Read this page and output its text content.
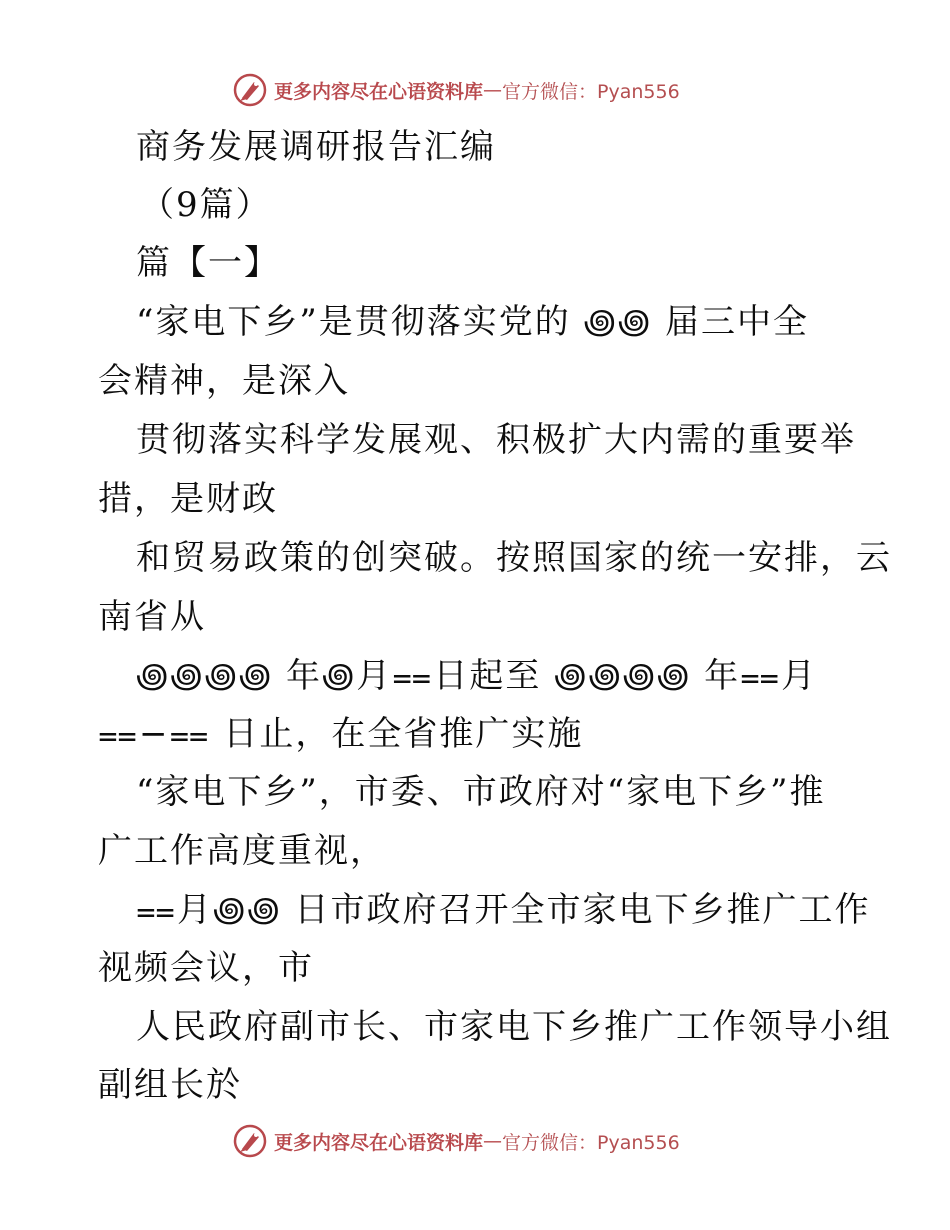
更多内容尽在心语资料库 — 官方微信：Pyan556
商务发展调研报告汇编
（9篇）
篇【一】
“家电下乡”是贯彻落实党的 ꩜꩜ 届三中全
会精神，是深入
贯彻落实科学发展观、积极扩大内需的重要举
措，是财政
和贸易政策的创突破。按照国家的统一安排，云
南省从
꩜꩜꩜꩜ 年꩜月⩵日起至 ꩜꩜꩜꩜ 年⩵月
⩵−⩵ 日止，在全省推广实施
“家电下乡”，市委、市政府对“家电下乡”推
广工作高度重视，
⩵月꩜꩜ 日市政府召开全市家电下乡推广工作
视频会议，市
人民政府副市长、市家电下乡推广工作领导小组
副组长於
更多内容尽在心语资料库 — 官方微信：Pyan556
